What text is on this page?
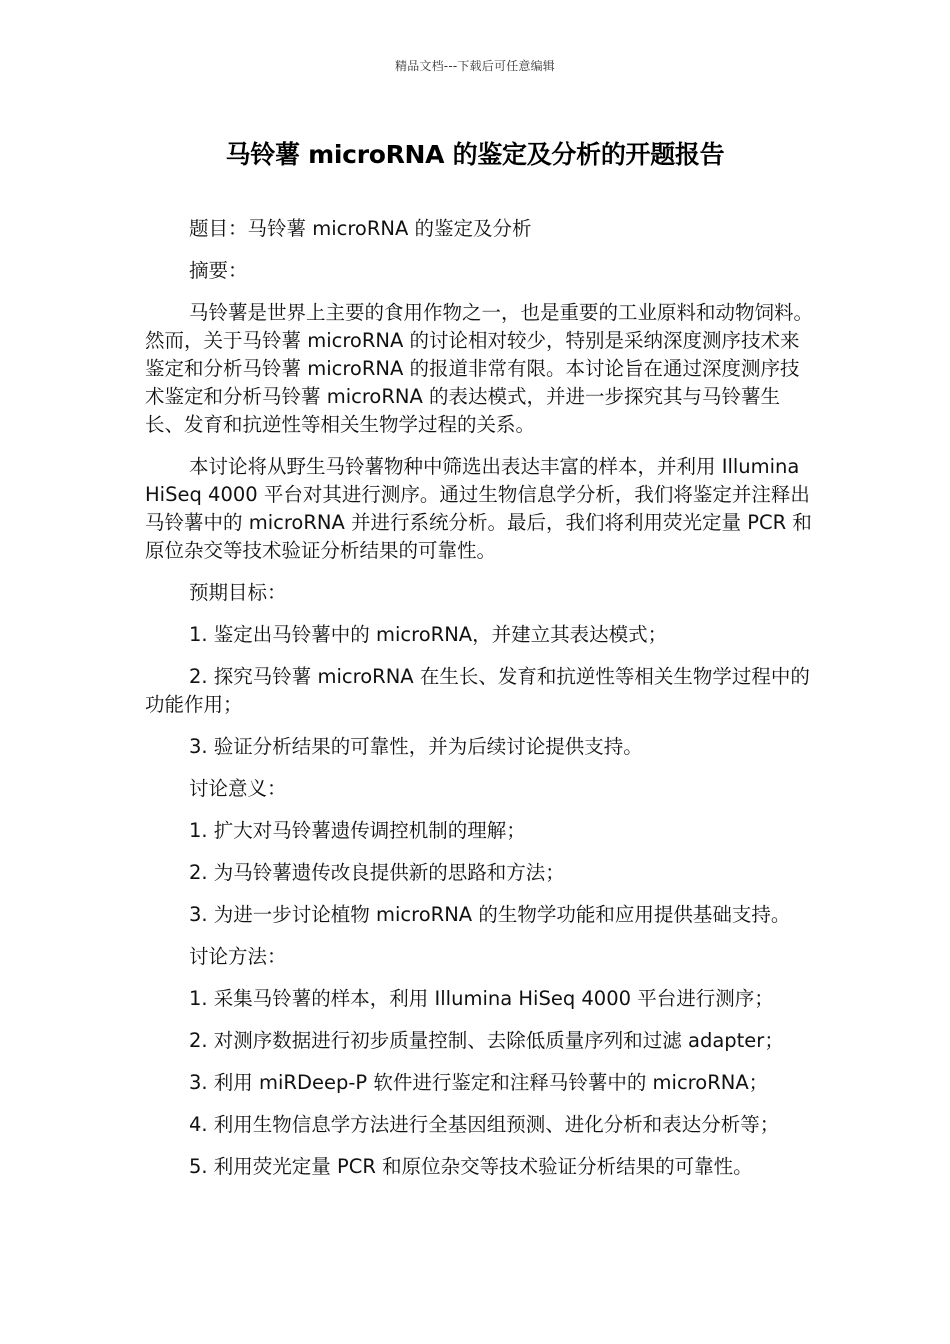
精品文档---下载后可任意编辑
马铃薯 microRNA 的鉴定及分析的开题报告

题目：马铃薯 microRNA 的鉴定及分析

摘要：

马铃薯是世界上主要的食用作物之一，也是重要的工业原料和动物饲料。然而，关于马铃薯 microRNA 的讨论相对较少，特别是采纳深度测序技术来鉴定和分析马铃薯 microRNA 的报道非常有限。本讨论旨在通过深度测序技术鉴定和分析马铃薯 microRNA 的表达模式，并进一步探究其与马铃薯生长、发育和抗逆性等相关生物学过程的关系。

本讨论将从野生马铃薯物种中筛选出表达丰富的样本，并利用 Illumina HiSeq 4000 平台对其进行测序。通过生物信息学分析，我们将鉴定并注释出马铃薯中的 microRNA 并进行系统分析。最后，我们将利用荧光定量 PCR 和原位杂交等技术验证分析结果的可靠性。

预期目标：

1. 鉴定出马铃薯中的 microRNA，并建立其表达模式；

2. 探究马铃薯 microRNA 在生长、发育和抗逆性等相关生物学过程中的功能作用；

3. 验证分析结果的可靠性，并为后续讨论提供支持。

讨论意义：

1. 扩大对马铃薯遗传调控机制的理解；

2. 为马铃薯遗传改良提供新的思路和方法；

3. 为进一步讨论植物 microRNA 的生物学功能和应用提供基础支持。

讨论方法：

1. 采集马铃薯的样本，利用 Illumina HiSeq 4000 平台进行测序；

2. 对测序数据进行初步质量控制、去除低质量序列和过滤 adapter；

3. 利用 miRDeep-P 软件进行鉴定和注释马铃薯中的 microRNA；

4. 利用生物信息学方法进行全基因组预测、进化分析和表达分析等；

5. 利用荧光定量 PCR 和原位杂交等技术验证分析结果的可靠性。
